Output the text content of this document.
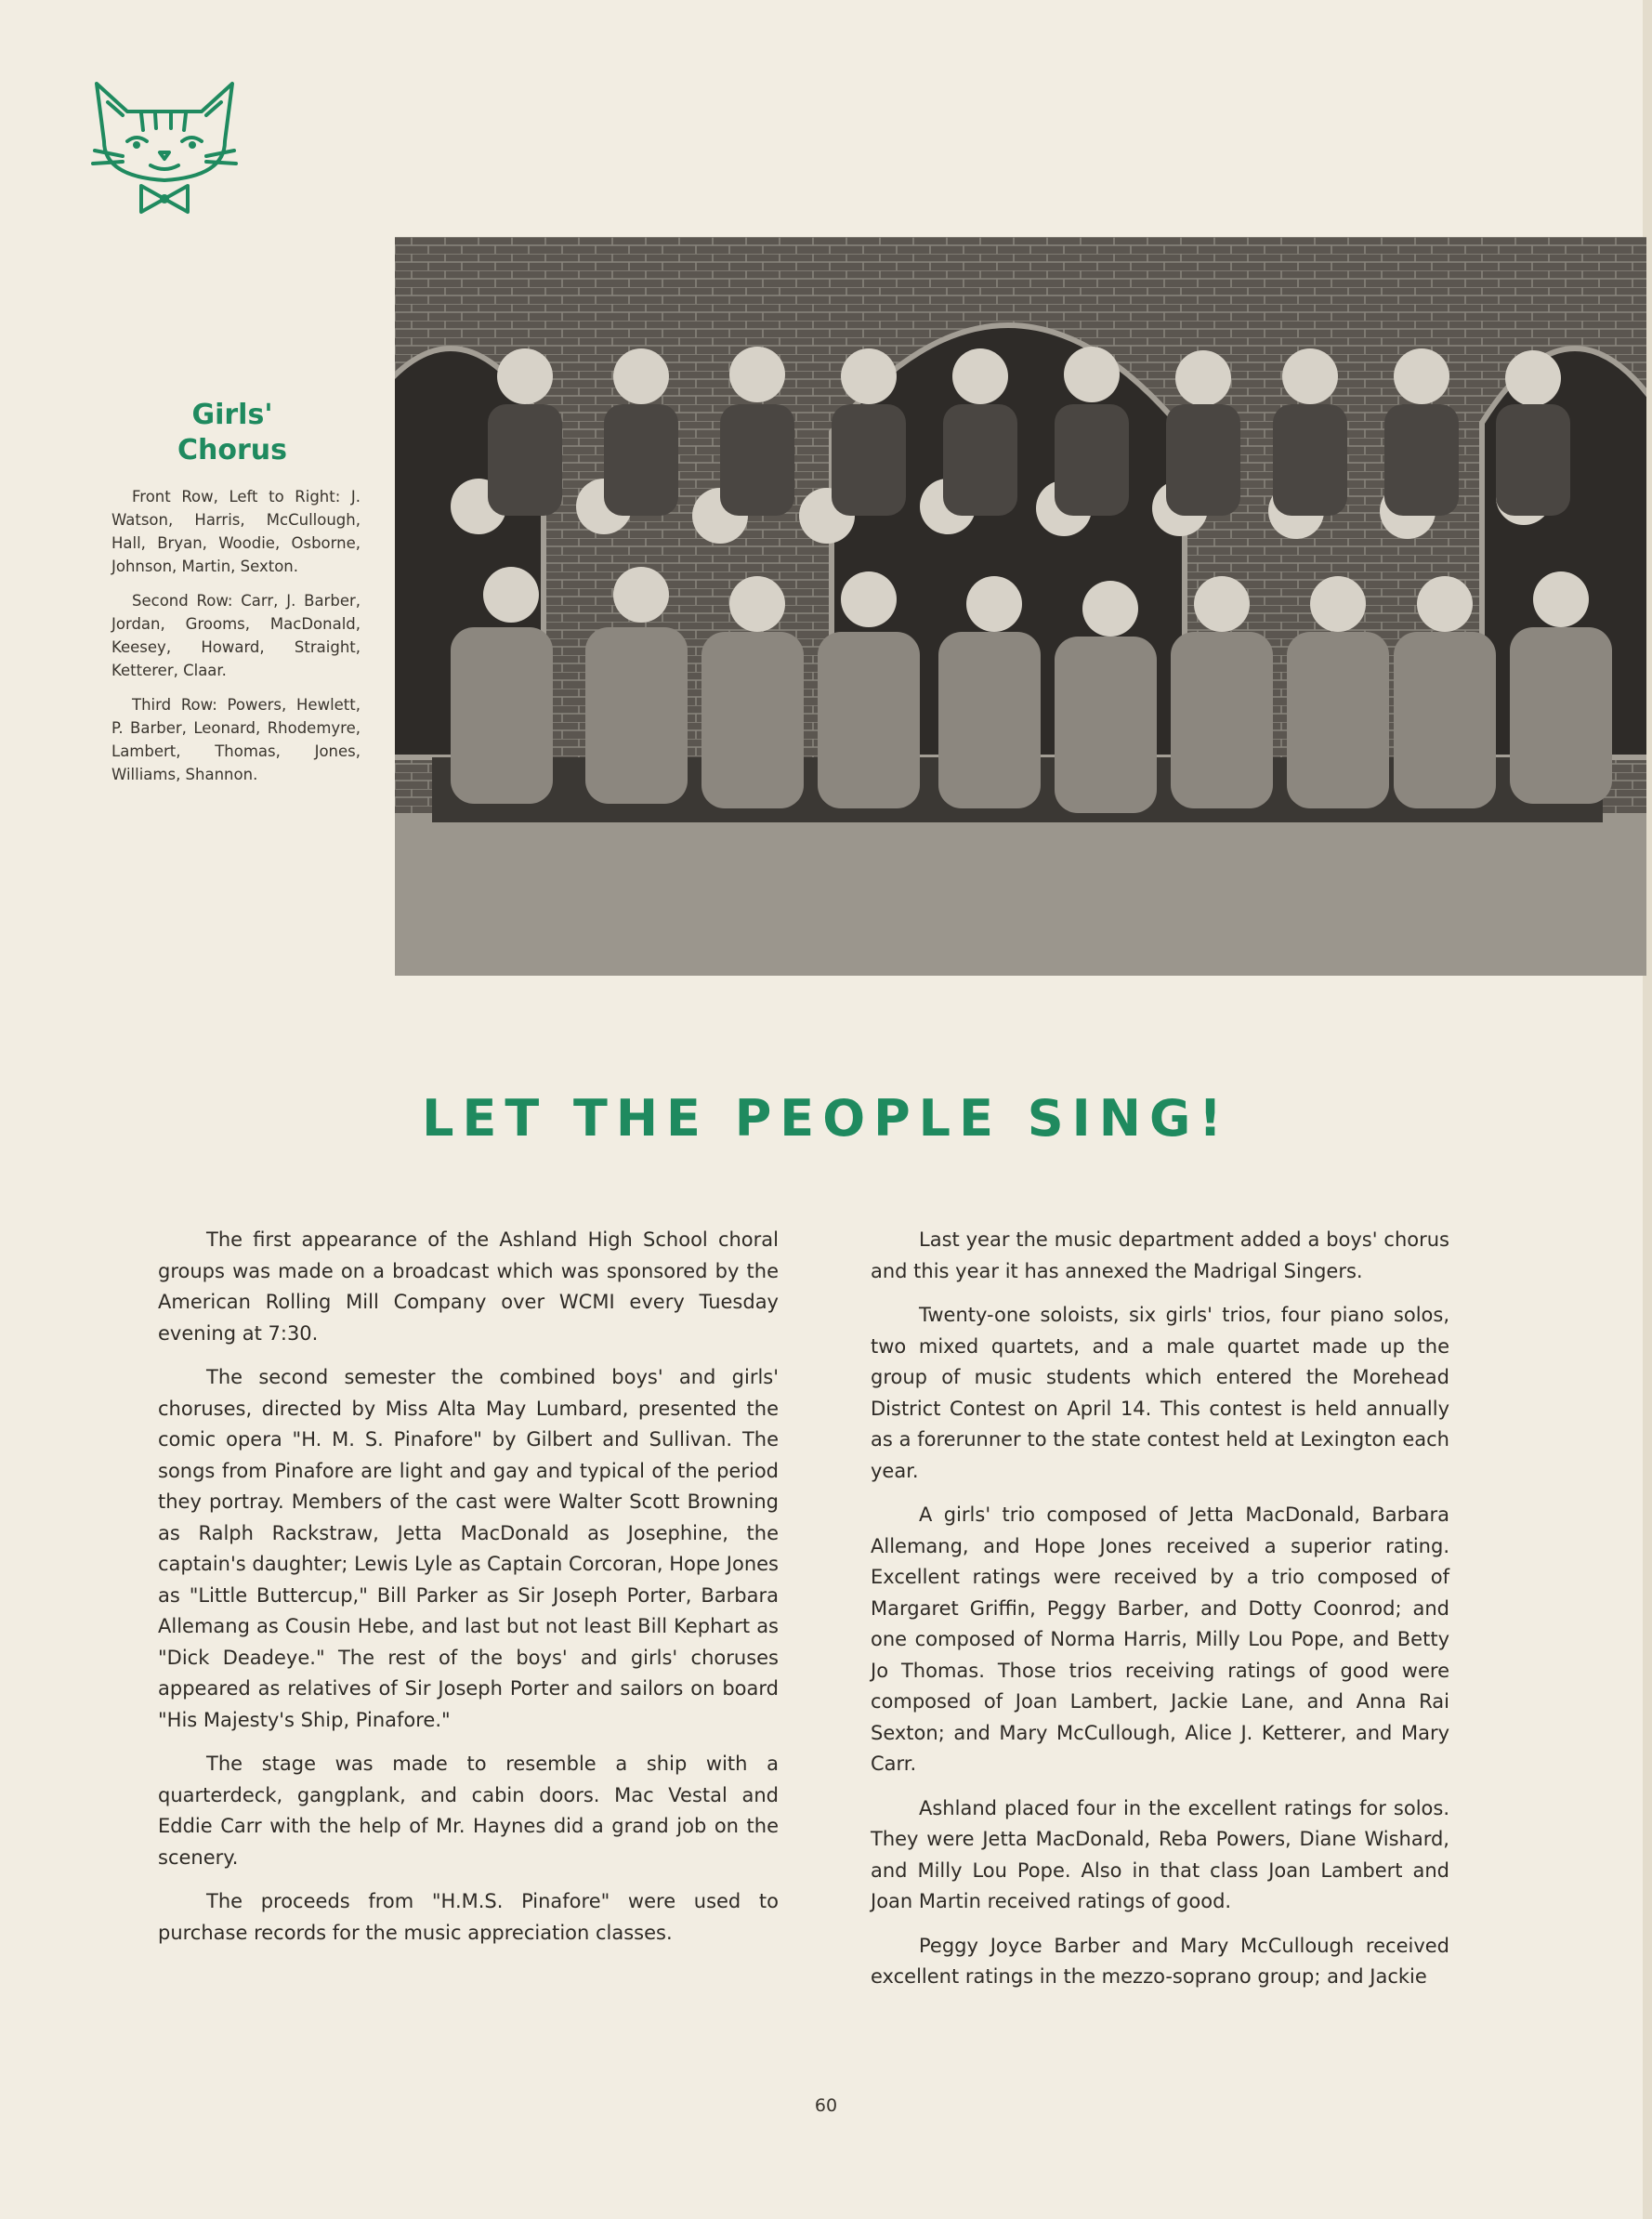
Girls'
Chorus

Front Row, Left to Right: J. Watson, Harris, McCullough, Hall, Bryan, Woodie, Osborne, Johnson, Martin, Sexton.

Second Row: Carr, J. Barber, Jordan, Grooms, MacDonald, Keesey, Howard, Straight, Ketterer, Claar.

Third Row: Powers, Hewlett, P. Barber, Leonard, Rhodemyre, Lambert, Thomas, Jones, Williams, Shannon.

LET THE PEOPLE SING!

The first appearance of the Ashland High School choral groups was made on a broadcast which was sponsored by the American Rolling Mill Company over WCMI every Tuesday evening at 7:30.

The second semester the combined boys' and girls' choruses, directed by Miss Alta May Lumbard, presented the comic opera "H. M. S. Pinafore" by Gilbert and Sullivan. The songs from Pinafore are light and gay and typical of the period they portray. Members of the cast were Walter Scott Browning as Ralph Rackstraw, Jetta MacDonald as Josephine, the captain's daughter; Lewis Lyle as Captain Corcoran, Hope Jones as "Little Buttercup," Bill Parker as Sir Joseph Porter, Barbara Allemang as Cousin Hebe, and last but not least Bill Kephart as "Dick Deadeye." The rest of the boys' and girls' choruses appeared as relatives of Sir Joseph Porter and sailors on board "His Majesty's Ship, Pinafore."

The stage was made to resemble a ship with a quarterdeck, gangplank, and cabin doors. Mac Vestal and Eddie Carr with the help of Mr. Haynes did a grand job on the scenery.

The proceeds from "H.M.S. Pinafore" were used to purchase records for the music appreciation classes.

Last year the music department added a boys' chorus and this year it has annexed the Madrigal Singers.

Twenty-one soloists, six girls' trios, four piano solos, two mixed quartets, and a male quartet made up the group of music students which entered the Morehead District Contest on April 14. This contest is held annually as a forerunner to the state contest held at Lexington each year.

A girls' trio composed of Jetta MacDonald, Barbara Allemang, and Hope Jones received a superior rating. Excellent ratings were received by a trio composed of Margaret Griffin, Peggy Barber, and Dotty Coonrod; and one composed of Norma Harris, Milly Lou Pope, and Betty Jo Thomas. Those trios receiving ratings of good were composed of Joan Lambert, Jackie Lane, and Anna Rai Sexton; and Mary McCullough, Alice J. Ketterer, and Mary Carr.

Ashland placed four in the excellent ratings for solos. They were Jetta MacDonald, Reba Powers, Diane Wishard, and Milly Lou Pope. Also in that class Joan Lambert and Joan Martin received ratings of good.

Peggy Joyce Barber and Mary McCullough received excellent ratings in the mezzo-soprano group; and Jackie

60
